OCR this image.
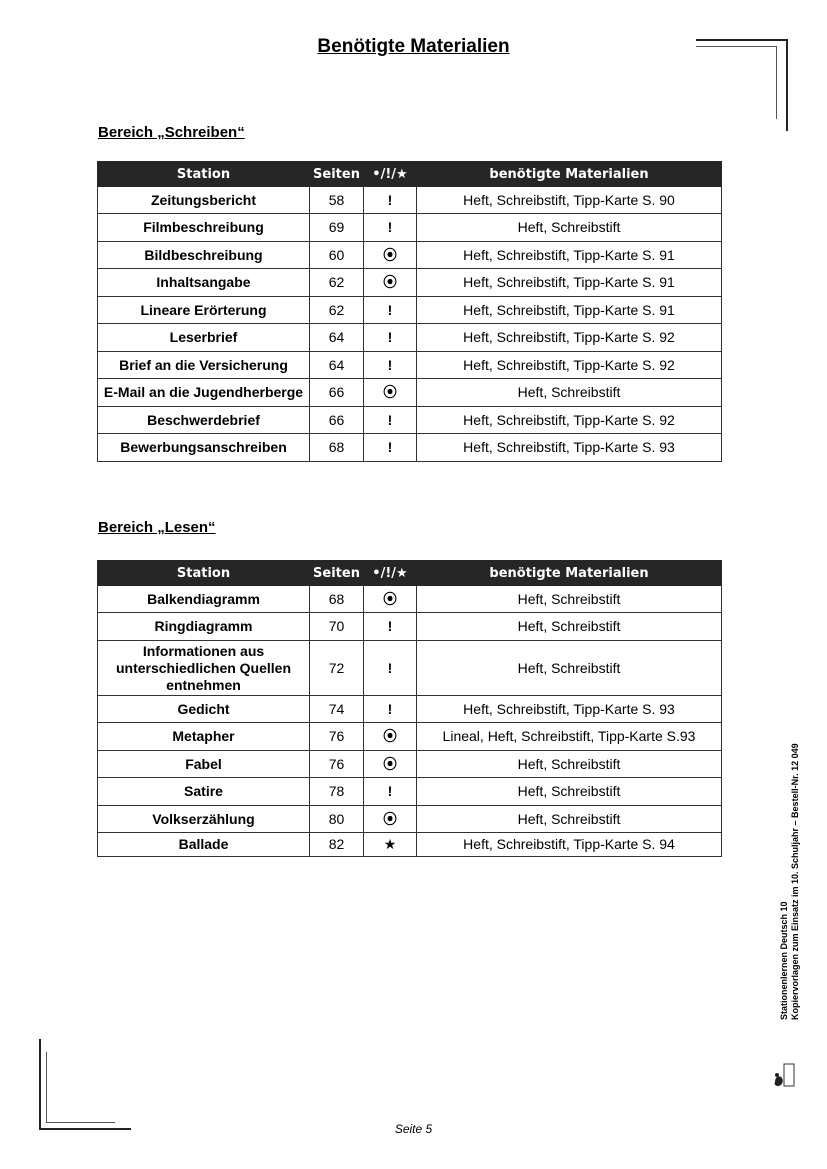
Benötigte Materialien
Bereich „Schreiben“
Station	Seiten	•/!/★	benötigte Materialien
Zeitungsbericht	58	!	Heft, Schreibstift, Tipp-Karte S. 90
Filmbeschreibung	69	!	Heft, Schreibstift
Bildbeschreibung	60	⦿	Heft, Schreibstift, Tipp-Karte S. 91
Inhaltsangabe	62	⦿	Heft, Schreibstift, Tipp-Karte S. 91
Lineare Erörterung	62	!	Heft, Schreibstift, Tipp-Karte S. 91
Leserbrief	64	!	Heft, Schreibstift, Tipp-Karte S. 92
Brief an die Versicherung	64	!	Heft, Schreibstift, Tipp-Karte S. 92
E-Mail an die Jugendherberge	66	⦿	Heft, Schreibstift
Beschwerdebrief	66	!	Heft, Schreibstift, Tipp-Karte S. 92
Bewerbungsanschreiben	68	!	Heft, Schreibstift, Tipp-Karte S. 93
Bereich „Lesen“
Station	Seiten	•/!/★	benötigte Materialien
Balkendiagramm	68	⦿	Heft, Schreibstift
Ringdiagramm	70	!	Heft, Schreibstift
Informationen aus unterschiedlichen Quellen entnehmen	72	!	Heft, Schreibstift
Gedicht	74	!	Heft, Schreibstift, Tipp-Karte S. 93
Metapher	76	⦿	Lineal, Heft, Schreibstift, Tipp-Karte S.93
Fabel	76	⦿	Heft, Schreibstift
Satire	78	!	Heft, Schreibstift
Volkserzählung	80	⦿	Heft, Schreibstift
Ballade	82	★	Heft, Schreibstift, Tipp-Karte S. 94
Stationenlernen Deutsch 10 Kopiervorlagen zum Einsatz im 10. Schuljahr – Bestell-Nr. 12 049
Seite 5
